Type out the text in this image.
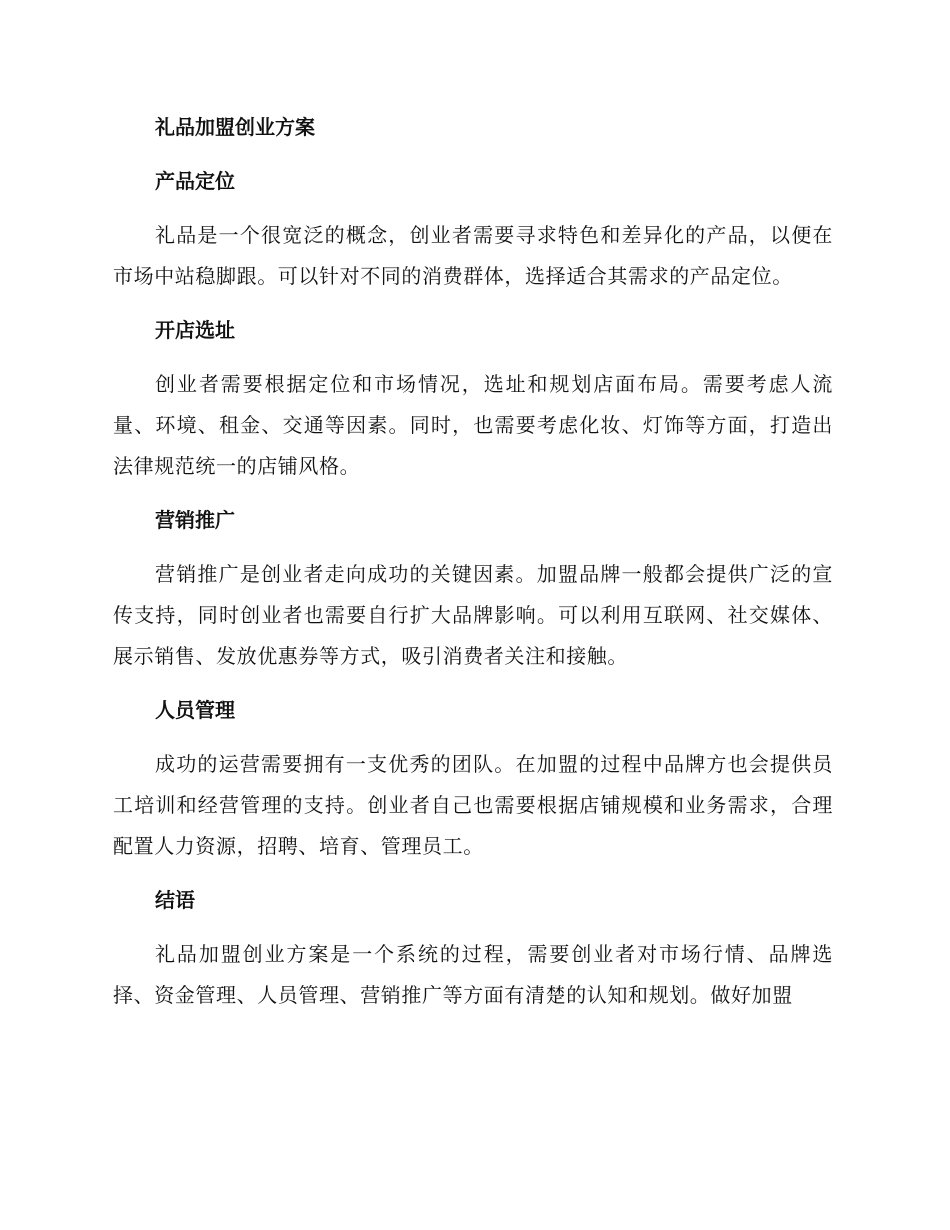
礼品加盟创业方案
产品定位

礼品是一个很宽泛的概念，创业者需要寻求特色和差异化的产品，以便在市场中站稳脚跟。可以针对不同的消费群体，选择适合其需求的产品定位。

开店选址

创业者需要根据定位和市场情况，选址和规划店面布局。需要考虑人流量、环境、租金、交通等因素。同时，也需要考虑化妆、灯饰等方面，打造出法律规范统一的店铺风格。

营销推广

营销推广是创业者走向成功的关键因素。加盟品牌一般都会提供广泛的宣传支持，同时创业者也需要自行扩大品牌影响。可以利用互联网、社交媒体、展示销售、发放优惠券等方式，吸引消费者关注和接触。

人员管理

成功的运营需要拥有一支优秀的团队。在加盟的过程中品牌方也会提供员工培训和经营管理的支持。创业者自己也需要根据店铺规模和业务需求，合理配置人力资源，招聘、培育、管理员工。

结语

礼品加盟创业方案是一个系统的过程，需要创业者对市场行情、品牌选择、资金管理、人员管理、营销推广等方面有清楚的认知和规划。做好加盟
